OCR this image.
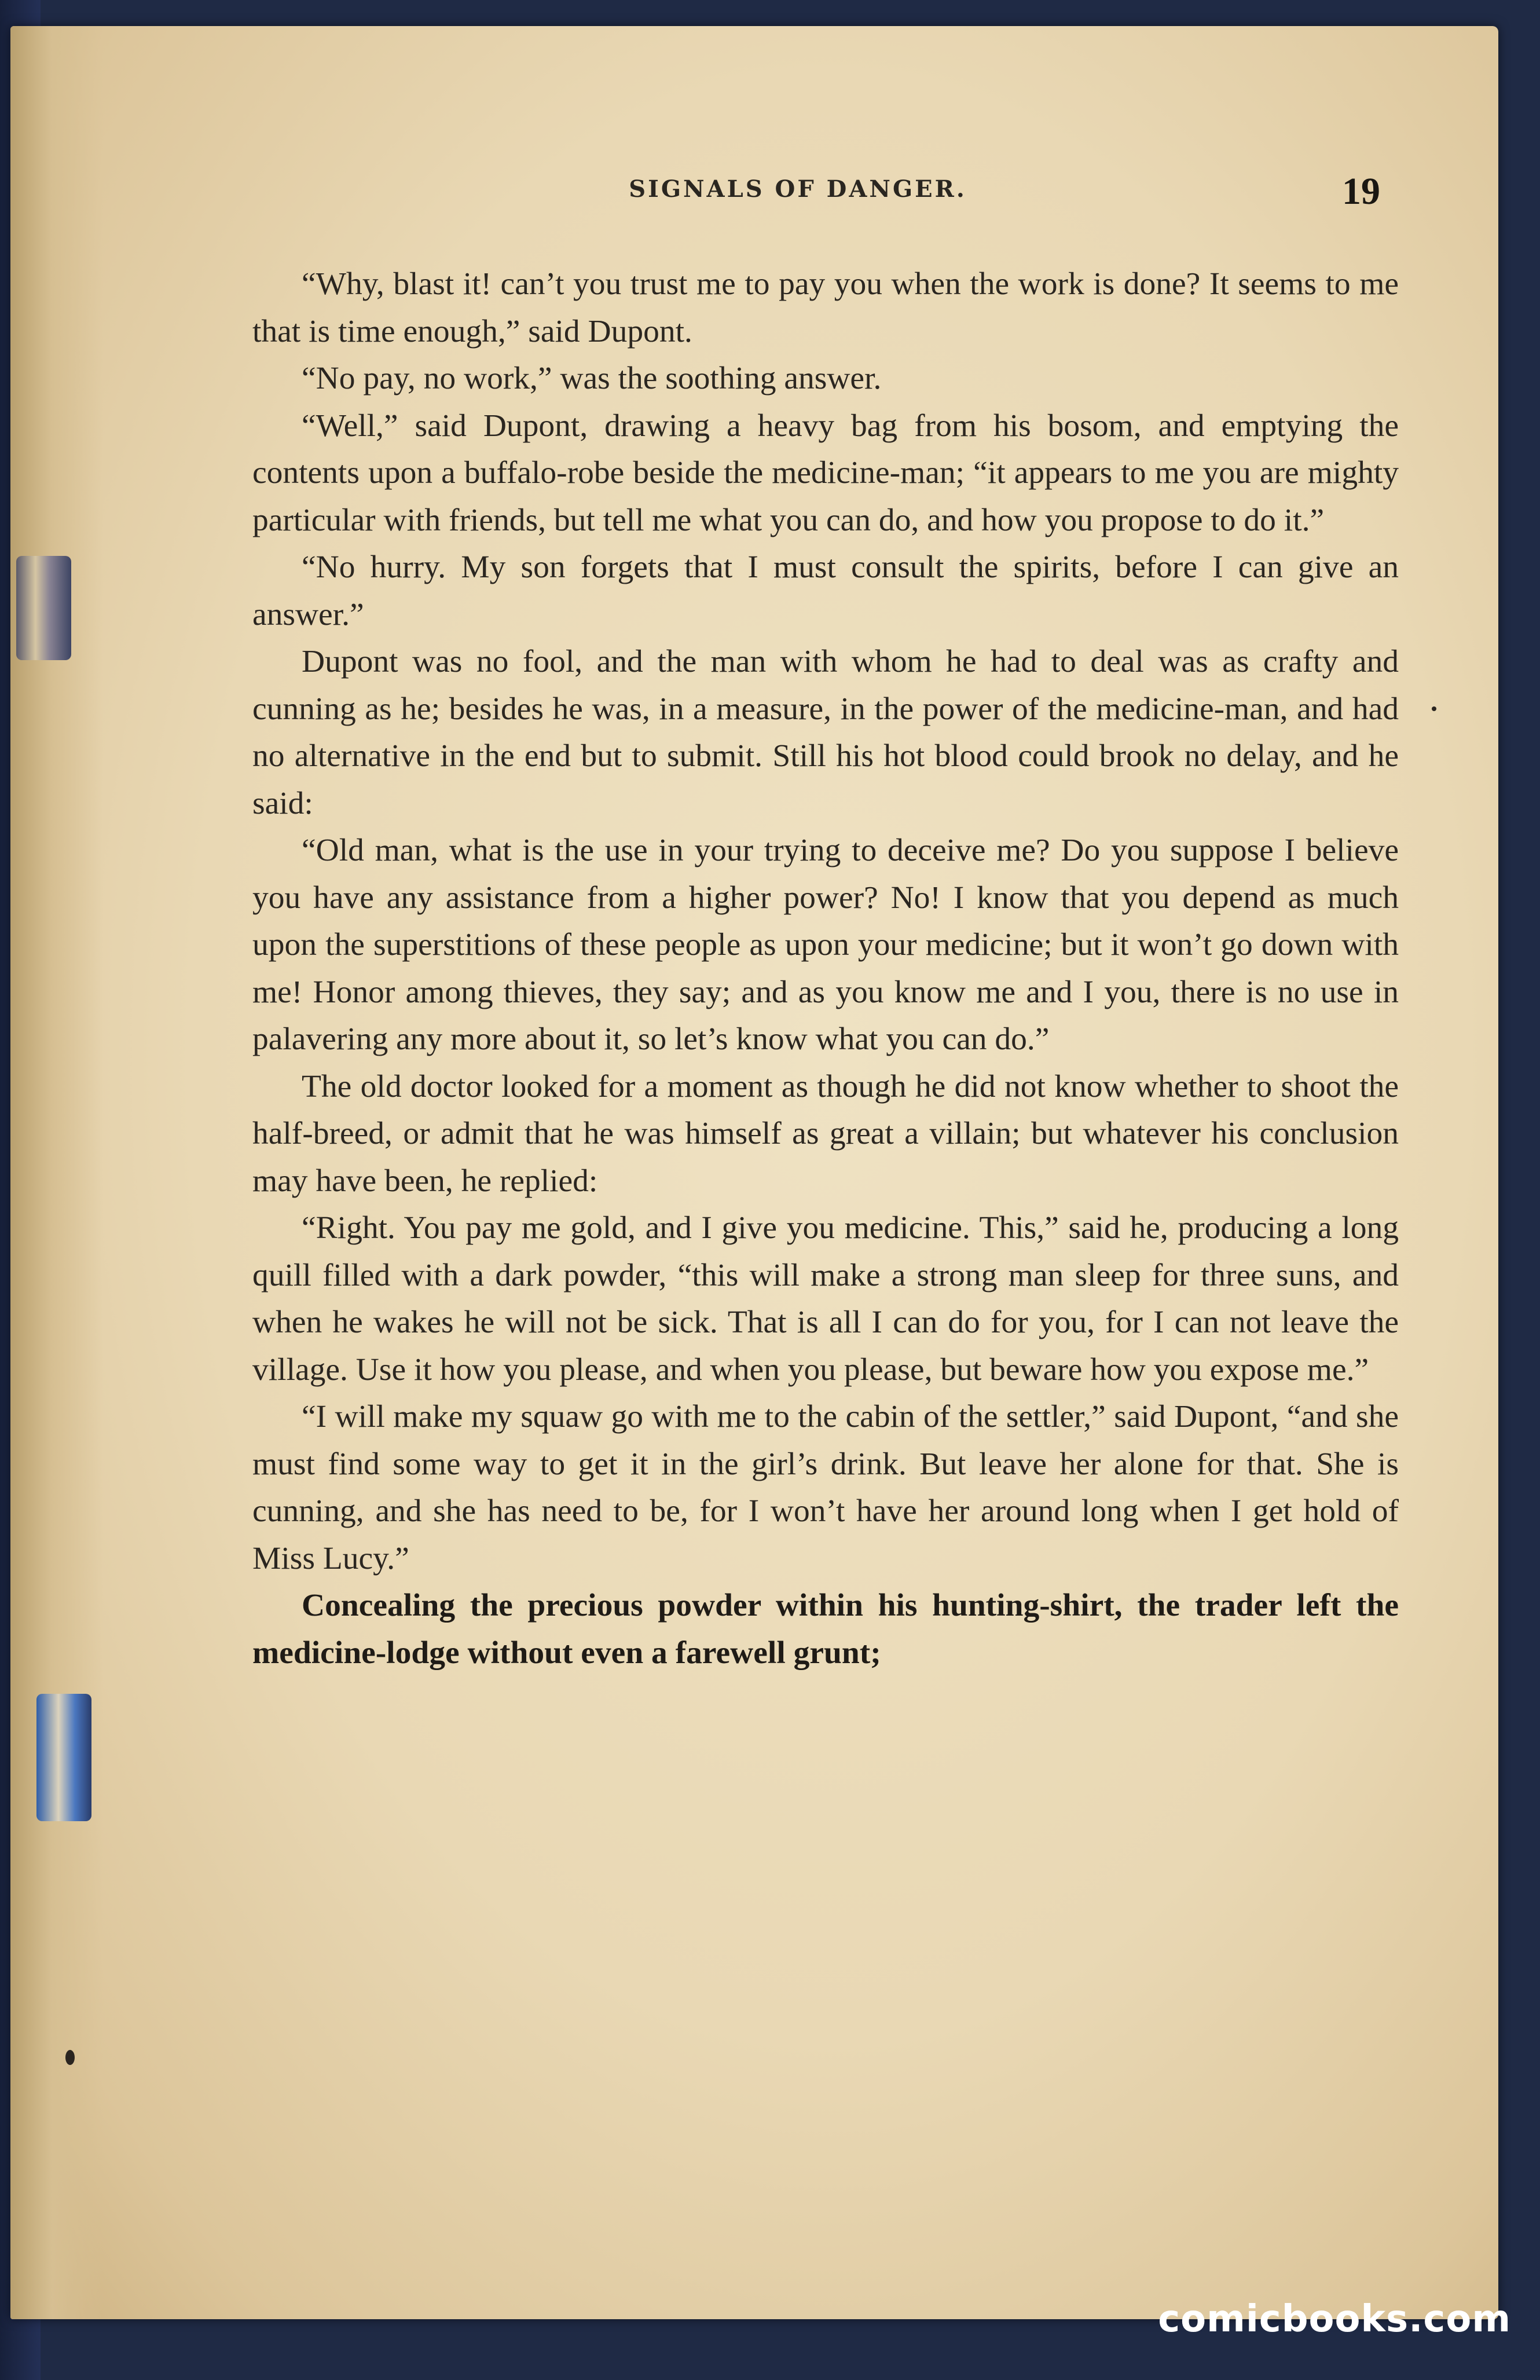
SIGNALS OF DANGER.	19

“Why, blast it! can’t you trust me to pay you when the work is done? It seems to me that is time enough,” said Dupont.

“No pay, no work,” was the soothing answer.

“Well,” said Dupont, drawing a heavy bag from his bosom, and emptying the contents upon a buffalo-robe beside the medicine-man; “it appears to me you are mighty particular with friends, but tell me what you can do, and how you propose to do it.”

“No hurry. My son forgets that I must consult the spirits, before I can give an answer.”

Dupont was no fool, and the man with whom he had to deal was as crafty and cunning as he; besides he was, in a measure, in the power of the medicine-man, and had no alternative in the end but to submit. Still his hot blood could brook no delay, and he said:

“Old man, what is the use in your trying to deceive me? Do you suppose I believe you have any assistance from a higher power? No! I know that you depend as much upon the superstitions of these people as upon your medicine; but it won’t go down with me! Honor among thieves, they say; and as you know me and I you, there is no use in palavering any more about it, so let’s know what you can do.”

The old doctor looked for a moment as though he did not know whether to shoot the half-breed, or admit that he was himself as great a villain; but whatever his conclusion may have been, he replied:

“Right. You pay me gold, and I give you medicine. This,” said he, producing a long quill filled with a dark powder, “this will make a strong man sleep for three suns, and when he wakes he will not be sick. That is all I can do for you, for I can not leave the village. Use it how you please, and when you please, but beware how you expose me.”

“I will make my squaw go with me to the cabin of the settler,” said Dupont, “and she must find some way to get it in the girl’s drink. But leave her alone for that. She is cunning, and she has need to be, for I won’t have her around long when I get hold of Miss Lucy.”

Concealing the precious powder within his hunting-shirt, the trader left the medicine-lodge without even a farewell grunt;

comicbooks.com
